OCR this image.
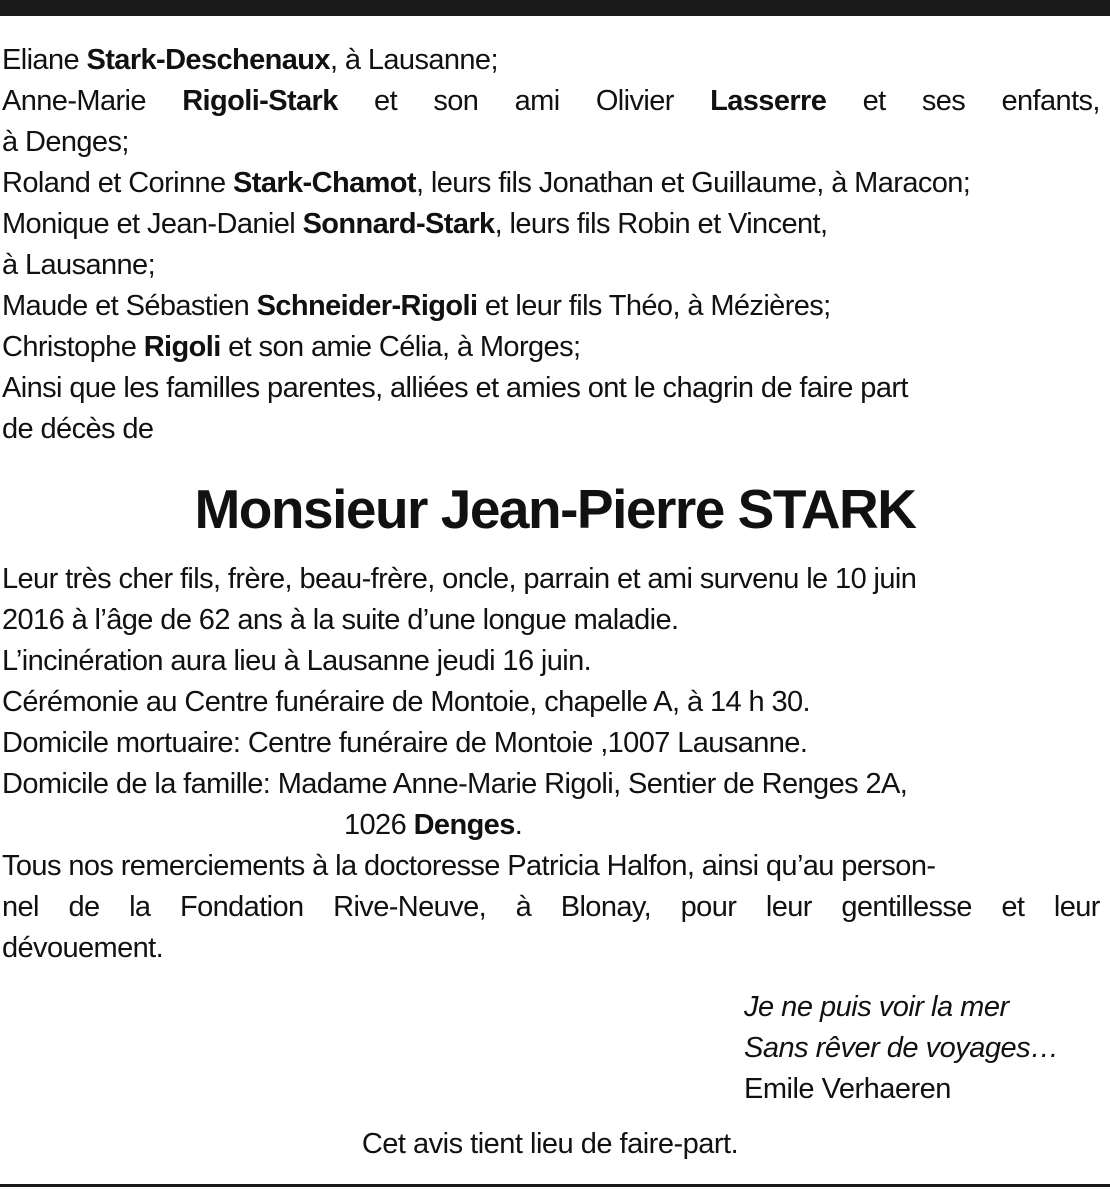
Eliane Stark-Deschenaux, à Lausanne;
Anne-Marie Rigoli-Stark et son ami Olivier Lasserre et ses enfants,
à Denges;
Roland et Corinne Stark-Chamot, leurs fils Jonathan et Guillaume, à Maracon;
Monique et Jean-Daniel Sonnard-Stark, leurs fils Robin et Vincent,
à Lausanne;
Maude et Sébastien Schneider-Rigoli et leur fils Théo, à Mézières;
Christophe Rigoli et son amie Célia, à Morges;
Ainsi que les familles parentes, alliées et amies ont le chagrin de faire part
de décès de
Monsieur Jean-Pierre STARK
Leur très cher fils, frère, beau-frère, oncle, parrain et ami survenu le 10 juin
2016 à l’âge de 62 ans à la suite d’une longue maladie.
L’incinération aura lieu à Lausanne jeudi 16 juin.
Cérémonie au Centre funéraire de Montoie, chapelle A, à 14 h 30.
Domicile mortuaire: Centre funéraire de Montoie ,1007 Lausanne.
Domicile de la famille: Madame Anne-Marie Rigoli, Sentier de Renges 2A,
1026 Denges.
Tous nos remerciements à la doctoresse Patricia Halfon, ainsi qu’au person-
nel de la Fondation Rive-Neuve, à Blonay, pour leur gentillesse et leur
dévouement.
Je ne puis voir la mer
Sans rêver de voyages…
Emile Verhaeren
Cet avis tient lieu de faire-part.
